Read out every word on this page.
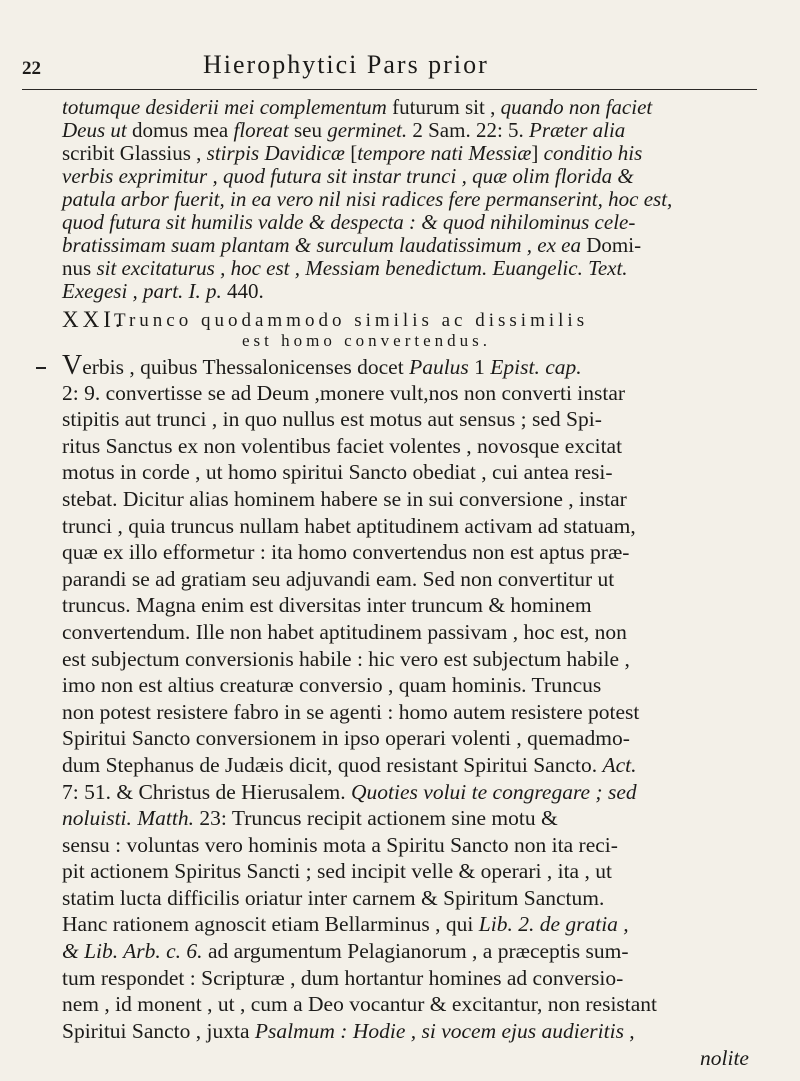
22	Hierophytici Pars prior
totumque desiderii mei complementum futurum sit , quando non faciet
Deus ut domus mea floreat seu germinet. 2 Sam. 22: 5. Præter alia
scribit Glassius , stirpis Davidicæ [tempore nati Messiæ] conditio his
verbis exprimitur , quod futura sit instar trunci , quæ olim florida &
patula arbor fuerit, in ea vero nil nisi radices fere permanserint, hoc est,
quod futura sit humilis valde & despecta : & quod nihilominus cele-
bratissimam suam plantam & surculum laudatissimum , ex ea Domi-
nus sit excitaturus , hoc est , Messiam benedictum. Euangelic. Text.
Exegesi , part. I. p. 440.
XXI.
Trunco quodammodo similis ac dissimilis
est homo convertendus.
Verbis , quibus Thessalonicenses docet Paulus 1 Epist. cap.
2: 9. convertisse se ad Deum ,monere vult,nos non converti instar
stipitis aut trunci , in quo nullus est motus aut sensus ; sed Spi-
ritus Sanctus ex non volentibus faciet volentes , novosque excitat
motus in corde , ut homo spiritui Sancto obediat , cui antea resi-
stebat. Dicitur alias hominem habere se in sui conversione , instar
trunci , quia truncus nullam habet aptitudinem activam ad statuam,
quæ ex illo efformetur : ita homo convertendus non est aptus præ-
parandi se ad gratiam seu adjuvandi eam. Sed non convertitur ut
truncus. Magna enim est diversitas inter truncum & hominem
convertendum. Ille non habet aptitudinem passivam , hoc est, non
est subjectum conversionis habile : hic vero est subjectum habile ,
imo non est altius creaturæ conversio , quam hominis. Truncus
non potest resistere fabro in se agenti : homo autem resistere potest
Spiritui Sancto conversionem in ipso operari volenti , quemadmo-
dum Stephanus de Judæis dicit, quod resistant Spiritui Sancto. Act.
7: 51. & Christus de Hierusalem. Quoties volui te congregare ; sed
noluisti. Matth. 23: Truncus recipit actionem sine motu &
sensu : voluntas vero hominis mota a Spiritu Sancto non ita reci-
pit actionem Spiritus Sancti ; sed incipit velle & operari , ita , ut
statim lucta difficilis oriatur inter carnem & Spiritum Sanctum.
Hanc rationem agnoscit etiam Bellarminus , qui Lib. 2. de gratia ,
& Lib. Arb. c. 6. ad argumentum Pelagianorum , a præceptis sum-
tum respondet : Scripturæ , dum hortantur homines ad conversio-
nem , id monent , ut , cum a Deo vocantur & excitantur, non resistant
Spiritui Sancto , juxta Psalmum : Hodie , si vocem ejus audieritis ,
nolite
